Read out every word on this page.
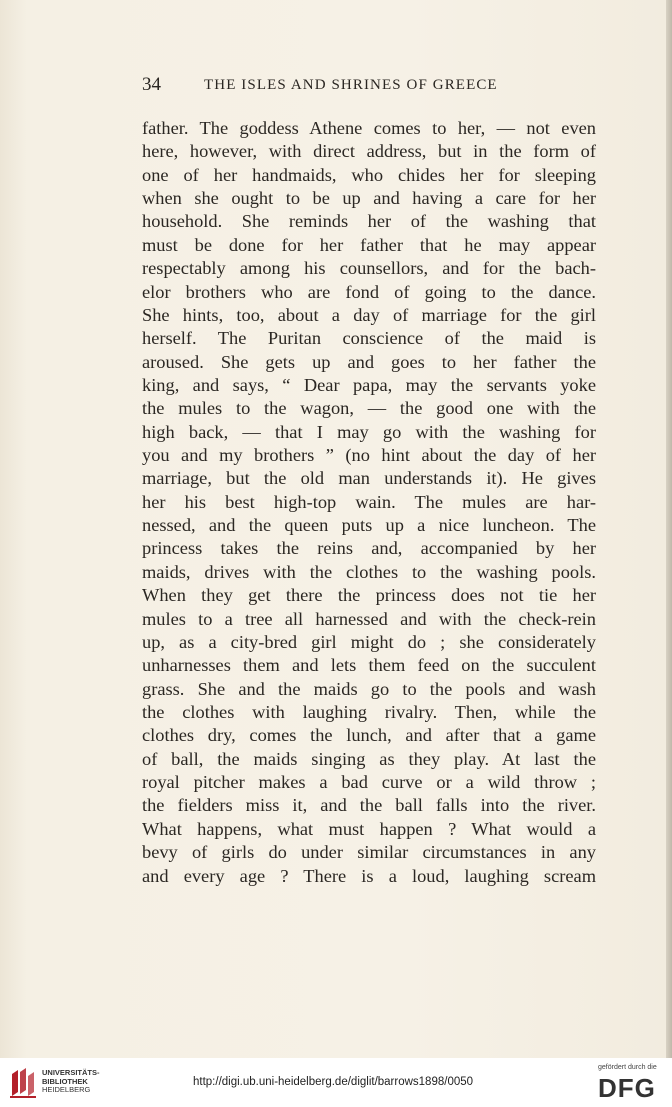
34	THE ISLES AND SHRINES OF GREECE
father. The goddess Athene comes to her, — not even
here, however, with direct address, but in the form of
one of her handmaids, who chides her for sleeping
when she ought to be up and having a care for her
household. She reminds her of the washing that
must be done for her father that he may appear
respectably among his counsellors, and for the bach-
elor brothers who are fond of going to the dance.
She hints, too, about a day of marriage for the girl
herself. The Puritan conscience of the maid is
aroused. She gets up and goes to her father the
king, and says, “ Dear papa, may the servants yoke
the mules to the wagon, — the good one with the
high back, — that I may go with the washing for
you and my brothers ” (no hint about the day of her
marriage, but the old man understands it). He gives
her his best high-top wain. The mules are har-
nessed, and the queen puts up a nice luncheon. The
princess takes the reins and, accompanied by her
maids, drives with the clothes to the washing pools.
When they get there the princess does not tie her
mules to a tree all harnessed and with the check-rein
up, as a city-bred girl might do ; she considerately
unharnesses them and lets them feed on the succulent
grass. She and the maids go to the pools and wash
the clothes with laughing rivalry. Then, while the
clothes dry, comes the lunch, and after that a game
of ball, the maids singing as they play. At last the
royal pitcher makes a bad curve or a wild throw ;
the fielders miss it, and the ball falls into the river.
What happens, what must happen ? What would a
bevy of girls do under similar circumstances in any
and every age ? There is a loud, laughing scream
UNIVERSITÄTS-
BIBLIOTHEK

HEIDELBERG
http://digi.ub.uni-heidelberg.de/diglit/barrows1898/0050
gefördert durch die
DFG
